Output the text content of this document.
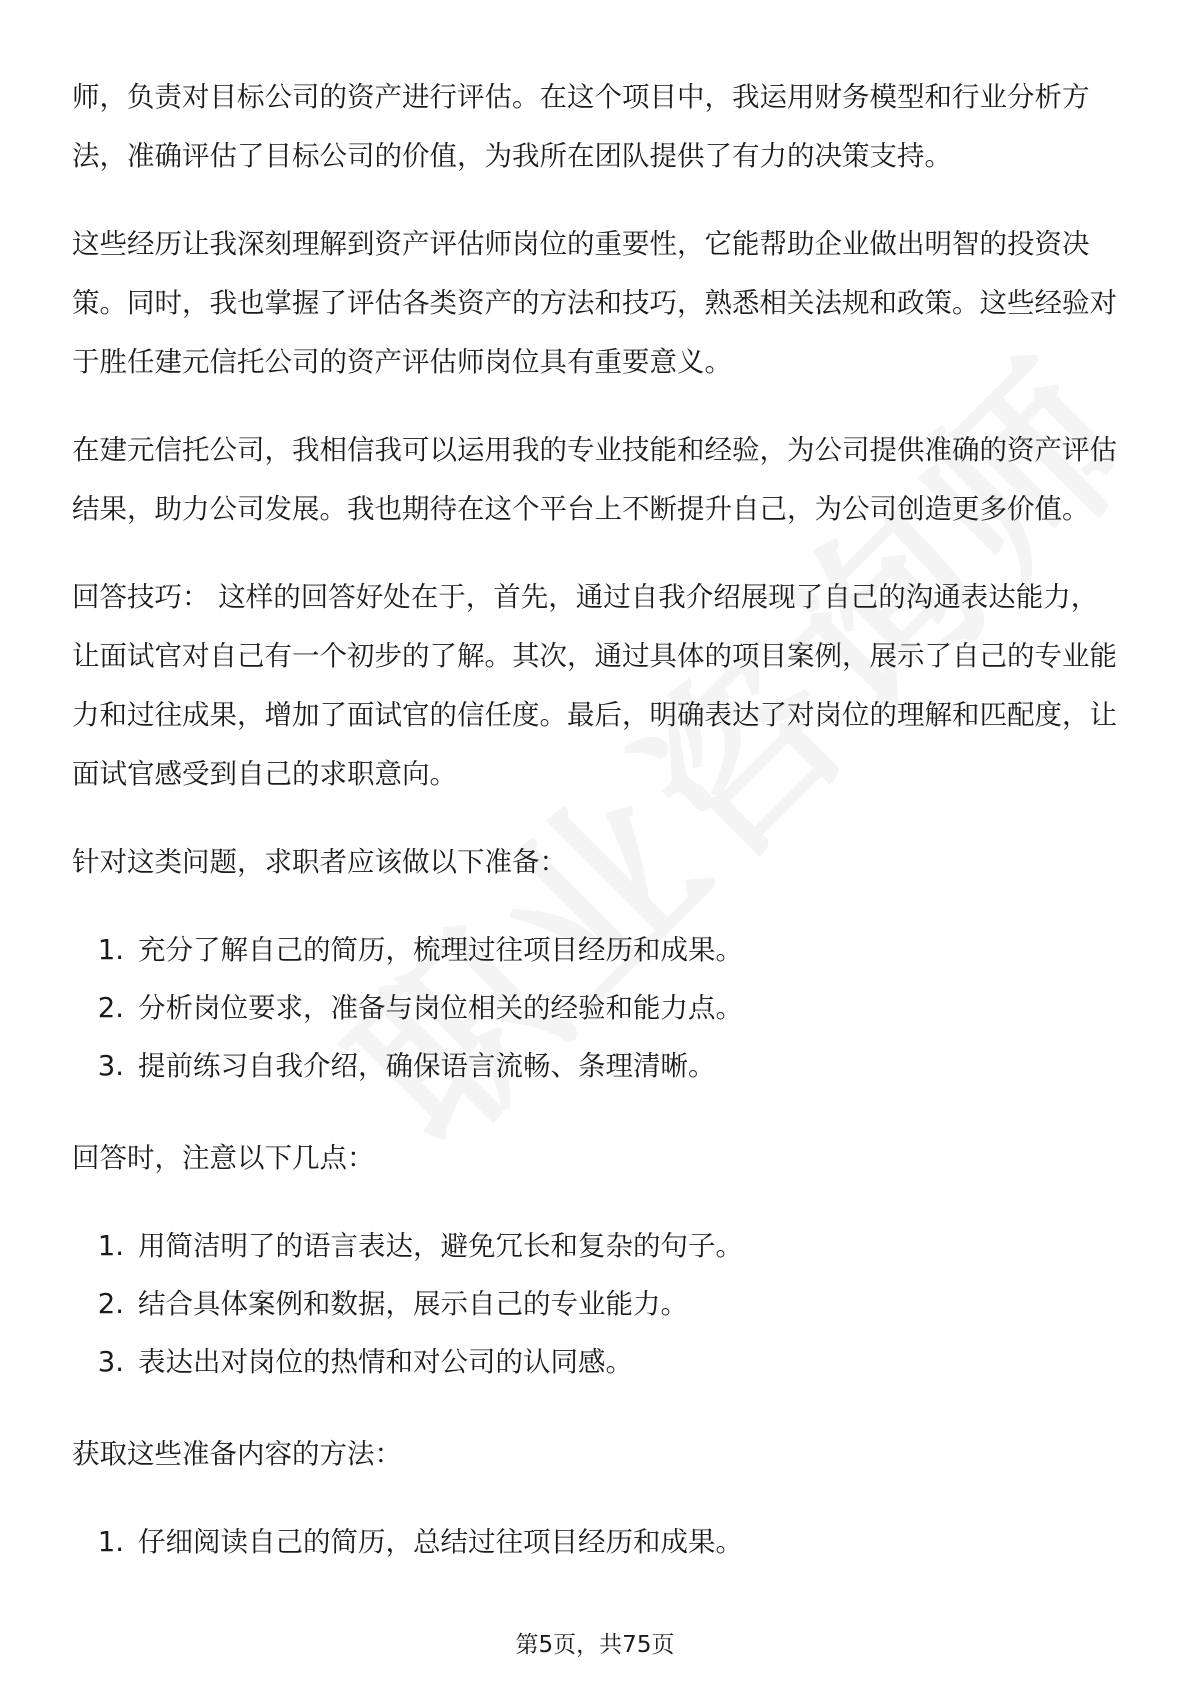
师，负责对目标公司的资产进行评估。在这个项目中，我运用财务模型和行业分析方法，准确评估了目标公司的价值，为我所在团队提供了有力的决策支持。

这些经历让我深刻理解到资产评估师岗位的重要性，它能帮助企业做出明智的投资决策。同时，我也掌握了评估各类资产的方法和技巧，熟悉相关法规和政策。这些经验对于胜任建元信托公司的资产评估师岗位具有重要意义。

在建元信托公司，我相信我可以运用我的专业技能和经验，为公司提供准确的资产评估结果，助力公司发展。我也期待在这个平台上不断提升自己，为公司创造更多价值。

回答技巧： 这样的回答好处在于，首先，通过自我介绍展现了自己的沟通表达能力，让面试官对自己有一个初步的了解。其次，通过具体的项目案例，展示了自己的专业能力和过往成果，增加了面试官的信任度。最后，明确表达了对岗位的理解和匹配度，让面试官感受到自己的求职意向。

针对这类问题，求职者应该做以下准备：

1. 充分了解自己的简历，梳理过往项目经历和成果。
2. 分析岗位要求，准备与岗位相关的经验和能力点。
3. 提前练习自我介绍，确保语言流畅、条理清晰。

回答时，注意以下几点：

1. 用简洁明了的语言表达，避免冗长和复杂的句子。
2. 结合具体案例和数据，展示自己的专业能力。
3. 表达出对岗位的热情和对公司的认同感。

获取这些准备内容的方法：

1. 仔细阅读自己的简历，总结过往项目经历和成果。
第5页，共75页
